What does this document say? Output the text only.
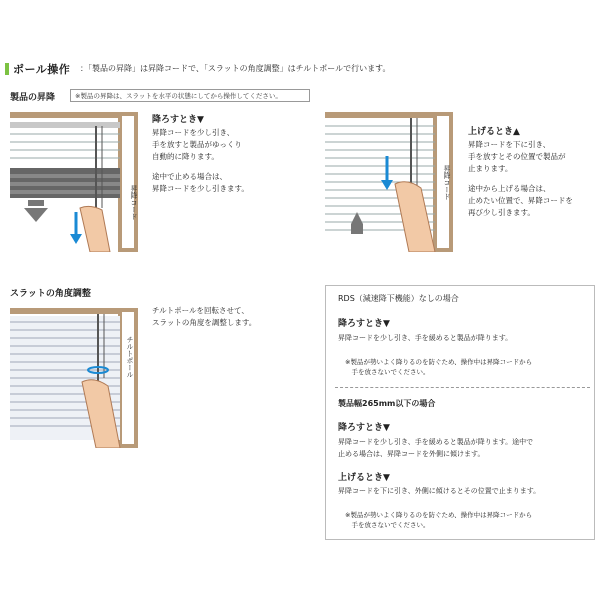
ポール操作 ：「製品の昇降」は昇降コードで、「スラットの角度調整」はチルトポールで行います。
製品の昇降	※製品の昇降は、スラットを水平の状態にしてから操作してください。
昇降コード
降ろすとき▼
昇降コードを少し引き、
手を放すと製品がゆっくり
自動的に降ります。
途中で止める場合は、
昇降コードを少し引きます。	昇降コード
上げるとき▲
昇降コードを下に引き、
手を放すとその位置で製品が
止まります。
途中から上げる場合は、
止めたい位置で、昇降コードを
再び少し引きます。
スラットの角度調整
チルトポール
チルトポールを回転させて、
スラットの角度を調整します。
RDS（減速降下機能）なしの場合
降ろすとき▼
昇降コードを少し引き、手を緩めると製品が降ります。
※製品が勢いよく降りるのを防ぐため、操作中は昇降コードから
　手を放さないでください。
製品幅265mm以下の場合
降ろすとき▼
昇降コードを少し引き、手を緩めると製品が降ります。途中で
止める場合は、昇降コードを外側に傾けます。
上げるとき▼
昇降コードを下に引き、外側に傾けるとその位置で止まります。
※製品が勢いよく降りるのを防ぐため、操作中は昇降コードから
　手を放さないでください。
